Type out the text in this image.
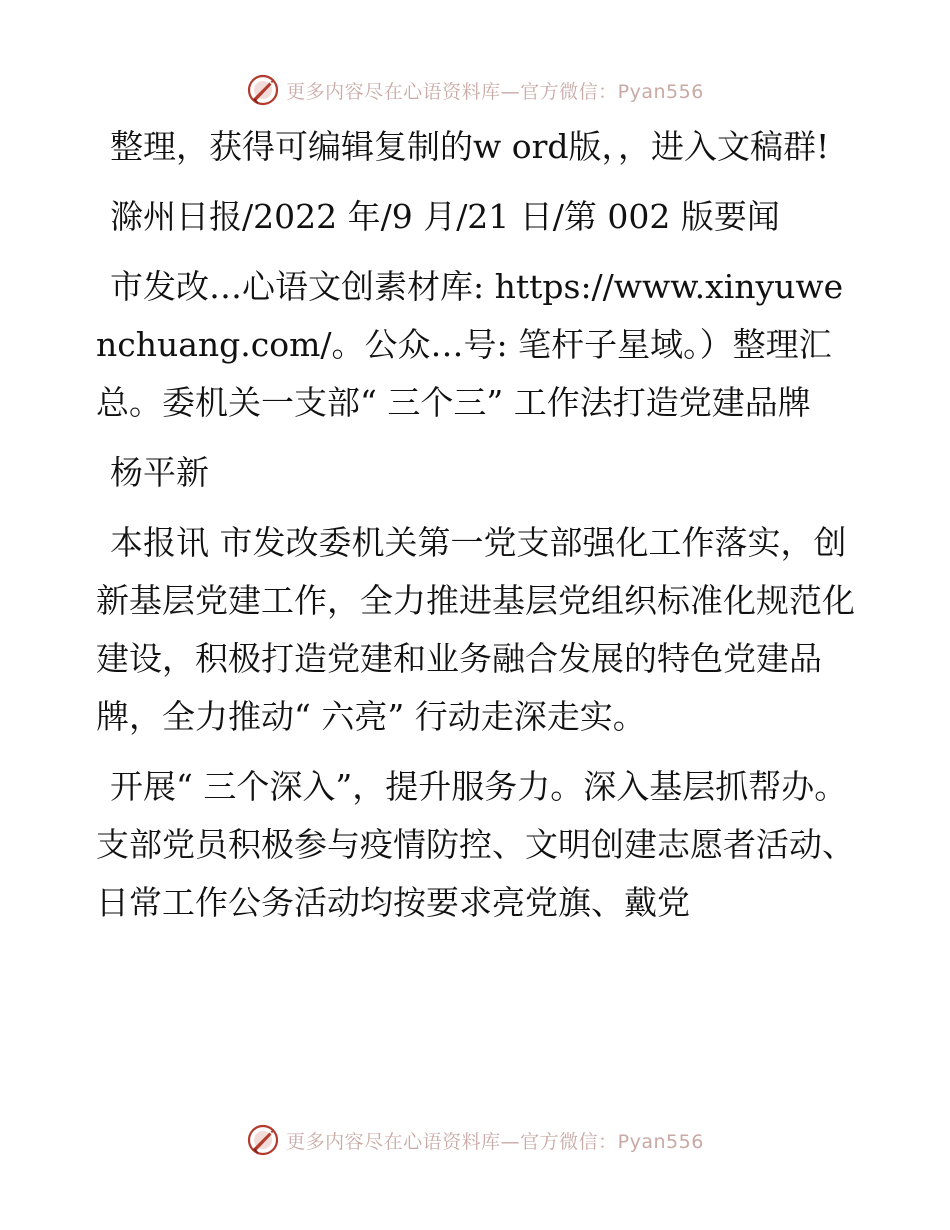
更多内容尽在心语资料库—官方微信：Pyan556

整理，获得可编辑复制的w ord版，，进入文稿群!

滁州日报/2022 年/9 月/21 日/第 002 版要闻

市发改…心语文创素材库: https://www.xinyuwenchuang.com/。公众…号: 笔杆子星域。）整理汇总。委机关一支部“ 三个三” 工作法打造党建品牌

杨平新

本报讯 市发改委机关第一党支部强化工作落实，创新基层党建工作，全力推进基层党组织标准化规范化建设，积极打造党建和业务融合发展的特色党建品牌，全力推动“ 六亮” 行动走深走实。

开展“ 三个深入”，提升服务力。深入基层抓帮办。支部党员积极参与疫情防控、文明创建志愿者活动、日常工作公务活动均按要求亮党旗、戴党

更多内容尽在心语资料库—官方微信：Pyan556
